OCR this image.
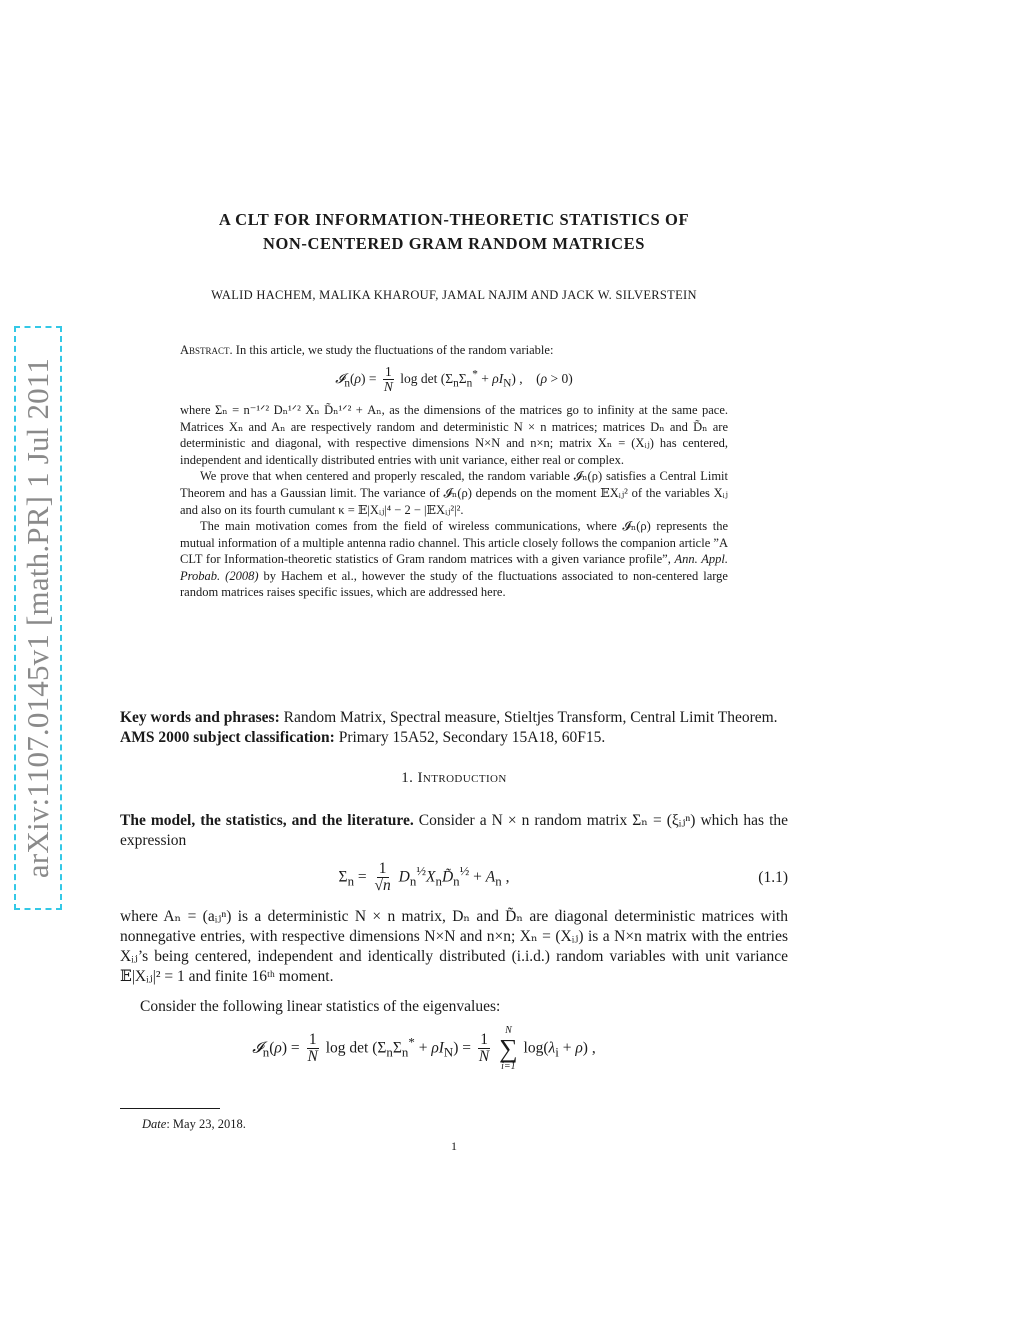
arXiv:1107.0145v1 [math.PR] 1 Jul 2011
A CLT FOR INFORMATION-THEORETIC STATISTICS OF
NON-CENTERED GRAM RANDOM MATRICES
WALID HACHEM, MALIKA KHAROUF, JAMAL NAJIM AND JACK W. SILVERSTEIN

Abstract. In this article, we study the fluctuations of the random variable:

𝓘$_n$(ρ) = $\frac{1}{N}$ $\log \det (\Sigma_n\Sigma_n^* + \rho I_N)$ ,    (ρ > 0)

where Σₙ = n⁻¹ᐟ² Dₙ¹ᐟ² Xₙ D̃ₙ¹ᐟ² + Aₙ, as the dimensions of the matrices go to infinity at the same pace. Matrices Xₙ and Aₙ are respectively random and deterministic N × n matrices; matrices Dₙ and D̃ₙ are deterministic and diagonal, with respective dimensions N×N and n×n; matrix Xₙ = (Xᵢⱼ) has centered, independent and identically distributed entries with unit variance, either real or complex.

We prove that when centered and properly rescaled, the random variable 𝓘ₙ(ρ) satisfies a Central Limit Theorem and has a Gaussian limit. The variance of 𝓘ₙ(ρ) depends on the moment 𝔼Xᵢⱼ² of the variables Xᵢⱼ and also on its fourth cumulant κ = 𝔼|Xᵢⱼ|⁴ − 2 − |𝔼Xᵢⱼ²|².

The main motivation comes from the field of wireless communications, where 𝓘ₙ(ρ) represents the mutual information of a multiple antenna radio channel. This article closely follows the companion article ”A CLT for Information-theoretic statistics of Gram random matrices with a given variance profile”, Ann. Appl. Probab. (2008) by Hachem et al., however the study of the fluctuations associated to non-centered large random matrices raises specific issues, which are addressed here.

Key words and phrases: Random Matrix, Spectral measure, Stieltjes Transform, Central Limit Theorem.

AMS 2000 subject classification: Primary 15A52, Secondary 15A18, 60F15.

1. Introduction

The model, the statistics, and the literature. Consider a N × n random matrix Σₙ = (ξᵢⱼⁿ) which has the expression

$\Sigma_n = \frac{1}{√n}$ $D_n^{\frac{1}{2}}X_nD̃_n^{\frac{1}{2}} + A_n$ ,	(1.1)

where Aₙ = (aᵢⱼⁿ) is a deterministic N × n matrix, Dₙ and D̃ₙ are diagonal deterministic matrices with nonnegative entries, with respective dimensions N×N and n×n; Xₙ = (Xᵢⱼ) is a N×n matrix with the entries Xᵢⱼ’s being centered, independent and identically distributed (i.i.d.) random variables with unit variance 𝔼|Xᵢⱼ|² = 1 and finite 16ᵗʰ moment.

Consider the following linear statistics of the eigenvalues:

𝓘$_n$(ρ) = $\frac{1}{N}$ $\log \det (\Sigma_n\Sigma_n^* + \rho I_N) = \frac{1}{N}$

N
∑
i=1
$\log(\lambda_i + \rho)$ ,
Date: May 23, 2018.
1
